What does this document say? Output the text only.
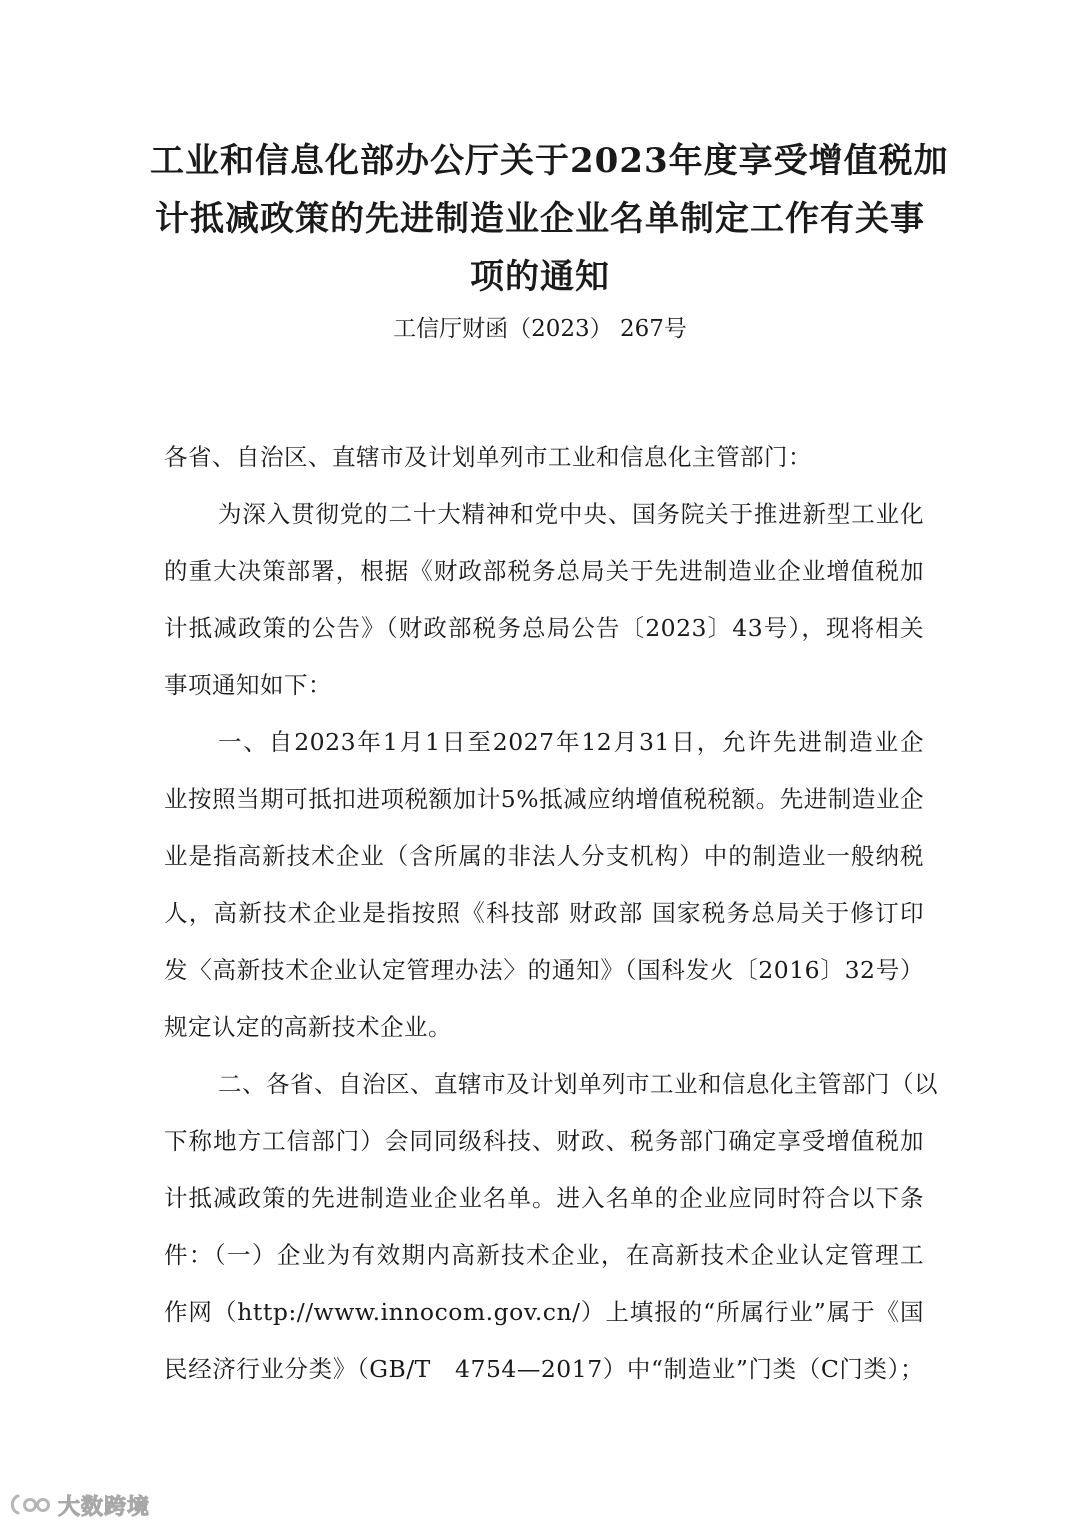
工业和信息化部办公厅关于2023年度享受增值税加
计抵减政策的先进制造业企业名单制定工作有关事
项的通知
工信厅财函（2023） 267号
各省、自治区、直辖市及计划单列市工业和信息化主管部门：
为深入贯彻党的二十大精神和党中央、国务院关于推进新型工业化
的重大决策部署，根据《财政部税务总局关于先进制造业企业增值税加
计抵减政策的公告》（财政部税务总局公告〔2023〕43号），现将相关
事项通知如下：
一、自2023年1月1日至2027年12月31日，允许先进制造业企
业按照当期可抵扣进项税额加计5%抵减应纳增值税税额。先进制造业企
业是指高新技术企业（含所属的非法人分支机构）中的制造业一般纳税
人，高新技术企业是指按照《科技部 财政部 国家税务总局关于修订印
发〈高新技术企业认定管理办法〉的通知》（国科发火〔2016〕32号）
规定认定的高新技术企业。
二、各省、自治区、直辖市及计划单列市工业和信息化主管部门（以
下称地方工信部门）会同同级科技、财政、税务部门确定享受增值税加
计抵减政策的先进制造业企业名单。进入名单的企业应同时符合以下条
件：（一）企业为有效期内高新技术企业，在高新技术企业认定管理工
作网（http://www.innocom.gov.cn/）上填报的“所属行业”属于《国
民经济行业分类》（GB/T　4754—2017）中“制造业”门类（C门类）；
大数跨境
